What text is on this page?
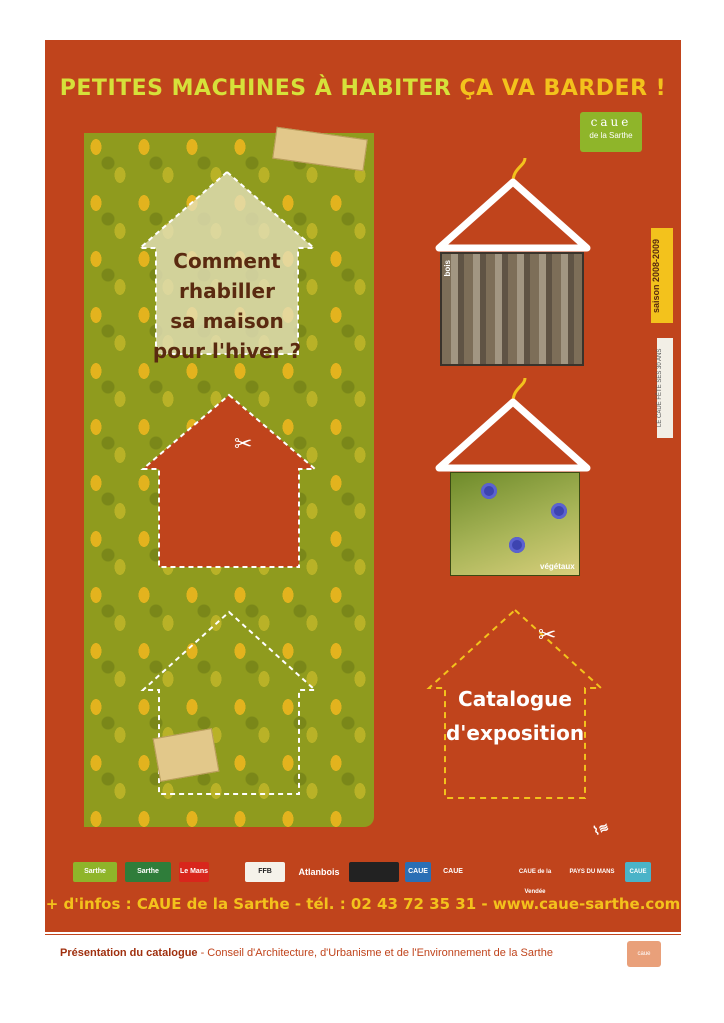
PETITES MACHINES À HABITER ÇA VA BARDER !
caue
de la Sarthe
Comment
rhabiller
sa maison
pour l'hiver ?
✂
bois
végétaux
Catalogue
d'exposition
✂
saison 2008-2009
LE CAUE FÊTE SES 30 ANS
⌇≋
Sarthe	Sarthe	Le Mans	FFB	Atlanbois	CAUE	CAUE	CAUE de la Vendée
PAYS DU MANS	CAUE
+ d'infos : CAUE de la Sarthe - tél. : 02 43 72 35 31 - www.caue-sarthe.com
Présentation du catalogue - Conseil d'Architecture, d'Urbanisme et de l'Environnement de la Sarthe	caue
